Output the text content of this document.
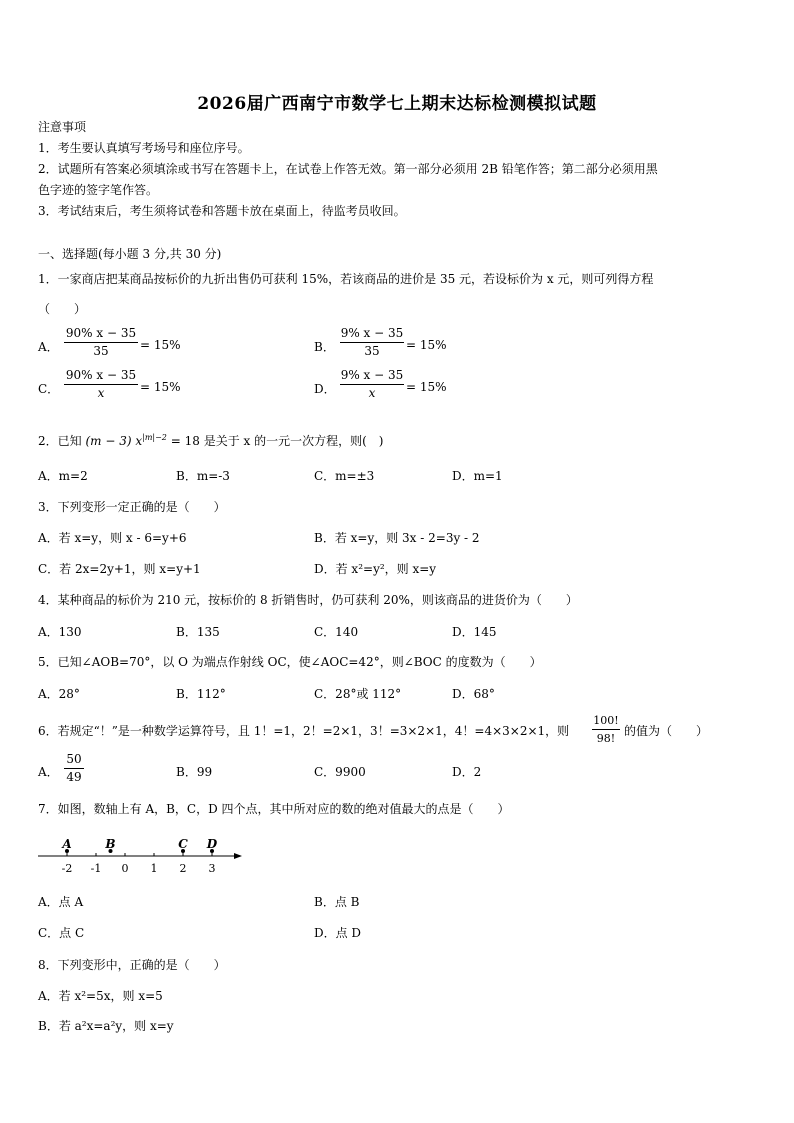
2026届广西南宁市数学七上期末达标检测模拟试题
注意事项
1．考生要认真填写考场号和座位序号。
2．试题所有答案必须填涂或书写在答题卡上，在试卷上作答无效。第一部分必须用 2B 铅笔作答；第二部分必须用黑
色字迹的签字笔作答。
3．考试结束后，考生须将试卷和答题卡放在桌面上，待监考员收回。
一、选择题(每小题 3 分,共 30 分)
1．一家商店把某商品按标价的九折出售仍可获利 15%，若该商品的进价是 35 元，若设标价为 x 元，则可列得方程
（　　）
A．
90% x − 35
35	= 15%	B．
9% x − 35
35	= 15%
C．
90% x − 35
x	= 15%	D．
9% x − 35
x	= 15%
2．已知 (m − 3) $x^{|m|-2} = 18$ 是关于 x 的一元一次方程，则(　)
A．m=2	B．m=-3	C．m=±3	D．m=1
3．下列变形一定正确的是（　　）
A．若 x=y，则 x - 6=y+6	B．若 x=y，则 3x - 2=3y - 2
C．若 2x=2y+1，则 x=y+1	D．若 x²=y²，则 x=y
4．某种商品的标价为 210 元，按标价的 8 折销售时，仍可获利 20%，则该商品的进货价为（　　）
A．130	B．135	C．140	D．145
5．已知∠AOB=70°，以 O 为端点作射线 OC，使∠AOC=42°，则∠BOC 的度数为（　　）
A．28°	B．112°	C．28°或 112°	D．68°
6．若规定“！”是一种数学运算符号，且 1！=1，2！=2×1，3！=3×2×1，4！=4×3×2×1，则
100!
98!
的值为（　　）
A．
50
49	B．99	C．9900	D．2
7．如图，数轴上有 A，B，C，D 四个点，其中所对应的数的绝对值最大的点是（　　）
-2 -1 0 1 2 3
A	B	C D
A．点 A	B．点 B
C．点 C	D．点 D
8．下列变形中，正确的是（　　）
A．若 x²=5x，则 x=5
B．若 a²x=a²y，则 x=y
